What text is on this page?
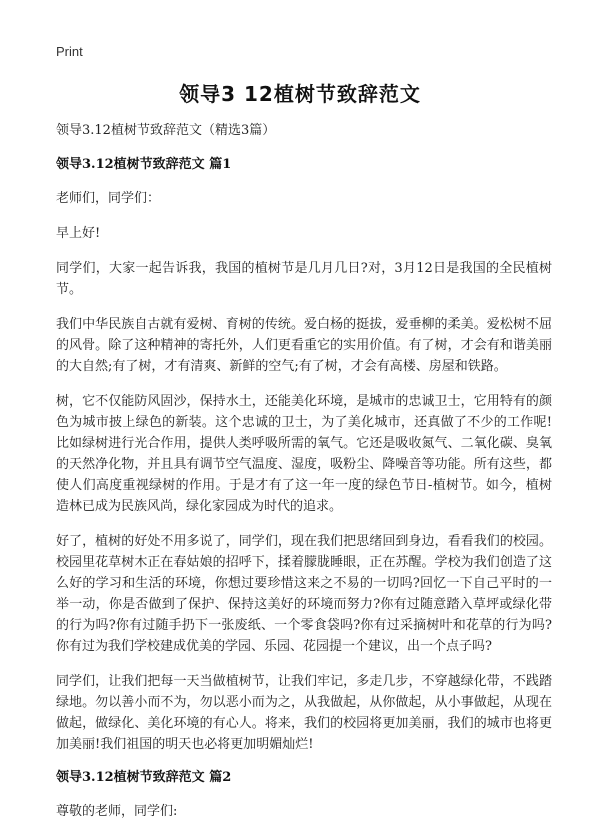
Print
领导3 12植树节致辞范文

领导3.12植树节致辞范文（精选3篇）

领导3.12植树节致辞范文 篇1

老师们，同学们：

早上好!

同学们，大家一起告诉我，我国的植树节是几月几日?对，3月12日是我国的全民植树节。

我们中华民族自古就有爱树、育树的传统。爱白杨的挺拔，爱垂柳的柔美。爱松树不屈的风骨。除了这种精神的寄托外，人们更看重它的实用价值。有了树，才会有和谐美丽的大自然;有了树，才有清爽、新鲜的空气;有了树，才会有高楼、房屋和铁路。

树，它不仅能防风固沙，保持水土，还能美化环境，是城市的忠诚卫士，它用特有的颜色为城市披上绿色的新装。这个忠诚的卫士，为了美化城市，还真做了不少的工作呢!比如绿树进行光合作用，提供人类呼吸所需的氧气。它还是吸收氮气、二氧化碳、臭氧的天然净化物，并且具有调节空气温度、湿度，吸粉尘、降噪音等功能。所有这些，都使人们高度重视绿树的作用。于是才有了这一年一度的绿色节日-植树节。如今，植树造林已成为民族风尚，绿化家园成为时代的追求。

好了，植树的好处不用多说了，同学们，现在我们把思绪回到身边，看看我们的校园。校园里花草树木正在春姑娘的招呼下，揉着朦胧睡眼，正在苏醒。学校为我们创造了这么好的学习和生活的环境，你想过要珍惜这来之不易的一切吗?回忆一下自己平时的一举一动，你是否做到了保护、保持这美好的环境而努力?你有过随意踏入草坪或绿化带的行为吗?你有过随手扔下一张废纸、一个零食袋吗?你有过采摘树叶和花草的行为吗?你有过为我们学校建成优美的学园、乐园、花园提一个建议，出一个点子吗?

同学们，让我们把每一天当做植树节，让我们牢记，多走几步，不穿越绿化带，不践踏绿地。勿以善小而不为，勿以恶小而为之，从我做起，从你做起，从小事做起，从现在做起，做绿化、美化环境的有心人。将来，我们的校园将更加美丽，我们的城市也将更加美丽!我们祖国的明天也必将更加明媚灿烂!

领导3.12植树节致辞范文 篇2

尊敬的老师，同学们:
